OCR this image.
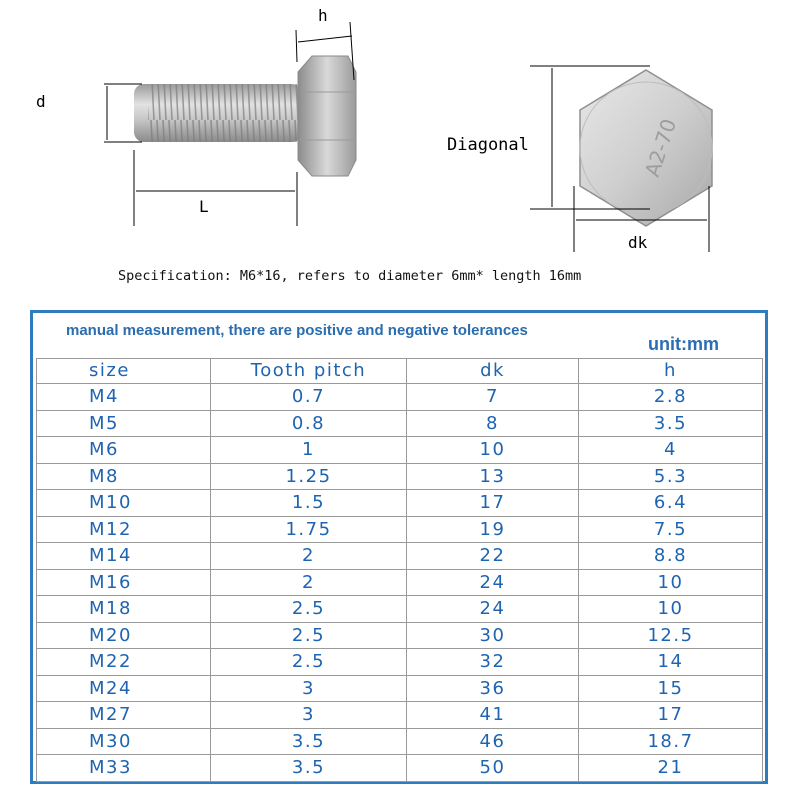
d
L
h
A2-70
Diagonal
dk
Specification: M6*16, refers to diameter 6mm* length 16mm
manual measurement, there are positive and negative tolerances
unit:mm
size	Tooth pitch	dk	h
M4	0.7	7	2.8
M5	0.8	8	3.5
M6	1	10	4
M8	1.25	13	5.3
M10	1.5	17	6.4
M12	1.75	19	7.5
M14	2	22	8.8
M16	2	24	10
M18	2.5	24	10
M20	2.5	30	12.5
M22	2.5	32	14
M24	3	36	15
M27	3	41	17
M30	3.5	46	18.7
M33	3.5	50	21
